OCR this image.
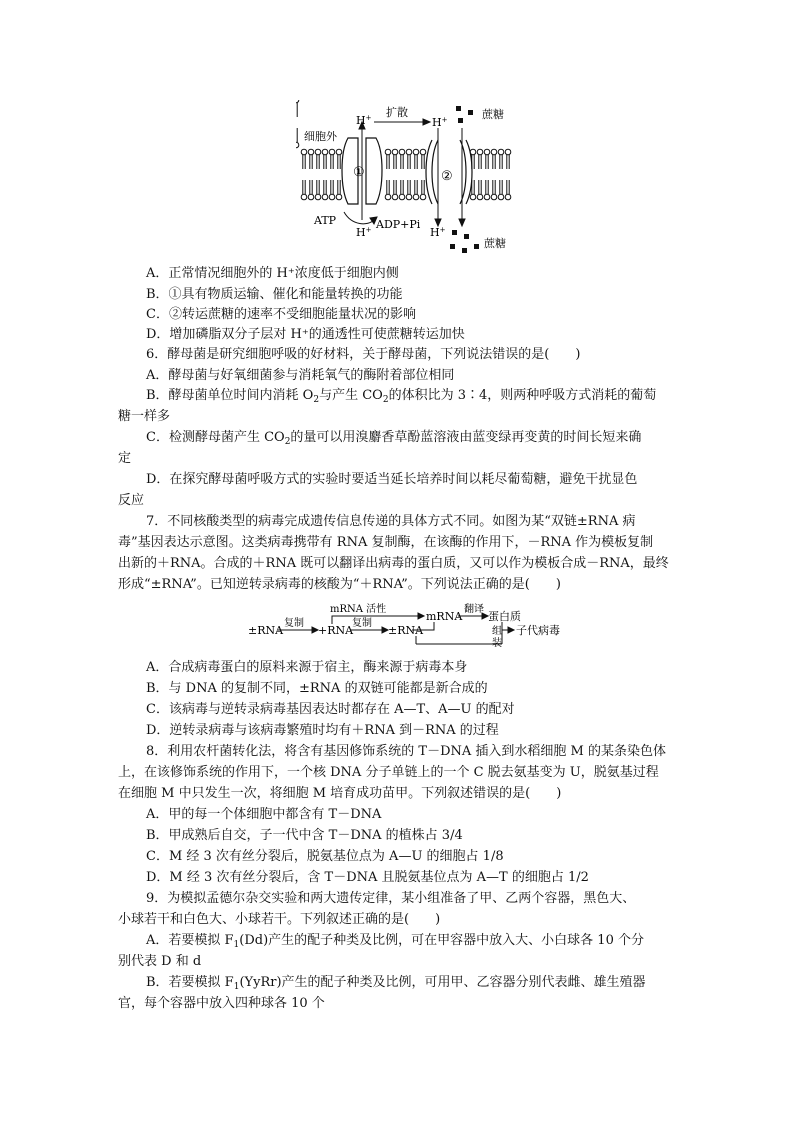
①	②
细胞外
H+ 扩散
H+	蔗糖
ATP	ADP+Pi
H+	H+
蔗糖
A．正常情况细胞外的 H⁺浓度低于细胞内侧
B．①具有物质运输、催化和能量转换的功能
C．②转运蔗糖的速率不受细胞能量状况的影响
D．增加磷脂双分子层对 H⁺的通透性可使蔗糖转运加快
6．酵母菌是研究细胞呼吸的好材料，关于酵母菌，下列说法错误的是(　　)
A．酵母菌与好氧细菌参与消耗氧气的酶附着部位相同
B．酵母菌单位时间内消耗 $O_2$与产生 $CO_2$的体积比为 3∶4，则两种呼吸方式消耗的葡萄
糖一样多
C．检测酵母菌产生 $CO_2$的量可以用溴麝香草酚蓝溶液由蓝变绿再变黄的时间长短来确
定
D．在探究酵母菌呼吸方式的实验时要适当延长培养时间以耗尽葡萄糖，避免干扰显色
反应
7．不同核酸类型的病毒完成遗传信息传递的具体方式不同。如图为某“双链±RNA 病
毒”基因表达示意图。这类病毒携带有 RNA 复制酶，在该酶的作用下，－RNA 作为模板复制
出新的＋RNA。合成的＋RNA 既可以翻译出病毒的蛋白质，又可以作为模板合成－RNA，最终
形成“±RNA”。已知逆转录病毒的核酸为“＋RNA”。下列说法正确的是(　　)
±RNA
复制
+RNA
复制
±RNA
mRNA 活性
mRNA
翻译
蛋白质
组
装
子代病毒
A．合成病毒蛋白的原料来源于宿主，酶来源于病毒本身
B．与 DNA 的复制不同，±RNA 的双链可能都是新合成的
C．该病毒与逆转录病毒基因表达时都存在 A—T、A—U 的配对
D．逆转录病毒与该病毒繁殖时均有＋RNA 到－RNA 的过程
8．利用农杆菌转化法，将含有基因修饰系统的 T－DNA 插入到水稻细胞 M 的某条染色体
上，在该修饰系统的作用下，一个核 DNA 分子单链上的一个 C 脱去氨基变为 U，脱氨基过程
在细胞 M 中只发生一次，将细胞 M 培育成功苗甲。下列叙述错误的是(　　)
A．甲的每一个体细胞中都含有 T－DNA
B．甲成熟后自交，子一代中含 T－DNA 的植株占 3/4
C．M 经 3 次有丝分裂后，脱氨基位点为 A—U 的细胞占 1/8
D．M 经 3 次有丝分裂后，含 T－DNA 且脱氨基位点为 A—T 的细胞占 1/2
9．为模拟孟德尔杂交实验和两大遗传定律，某小组准备了甲、乙两个容器，黑色大、
小球若干和白色大、小球若干。下列叙述正确的是(　　)
A．若要模拟 $F_1(Dd)$产生的配子种类及比例，可在甲容器中放入大、小白球各 10 个分
别代表 D 和 d
B．若要模拟 $F_1(YyRr)$产生的配子种类及比例，可用甲、乙容器分别代表雌、雄生殖器
官，每个容器中放入四种球各 10 个
